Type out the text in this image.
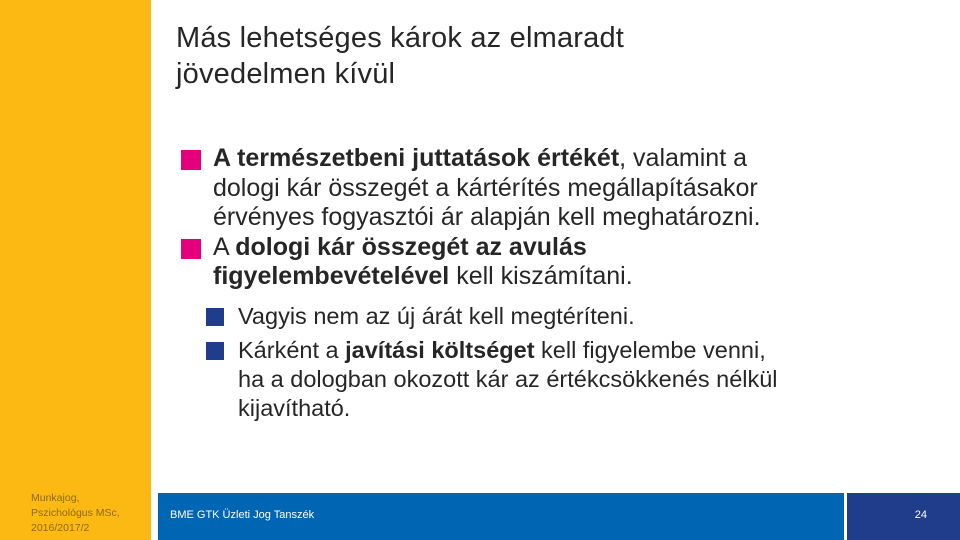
Munkajog,
Pszichológus MSc,
2016/2017/2
Más lehetséges károk az elmaradt
jövedelmen kívül
A természetbeni juttatások értékét, valamint a
dologi kár összegét a kártérítés megállapításakor
érvényes fogyasztói ár alapján kell meghatározni.
A dologi kár összegét az avulás
figyelembevételével kell kiszámítani.
Vagyis nem az új árát kell megtéríteni.
Kárként a javítási költséget kell figyelembe venni,
ha a dologban okozott kár az értékcsökkenés nélkül
kijavítható.
BME GTK Üzleti Jog Tanszék	24
